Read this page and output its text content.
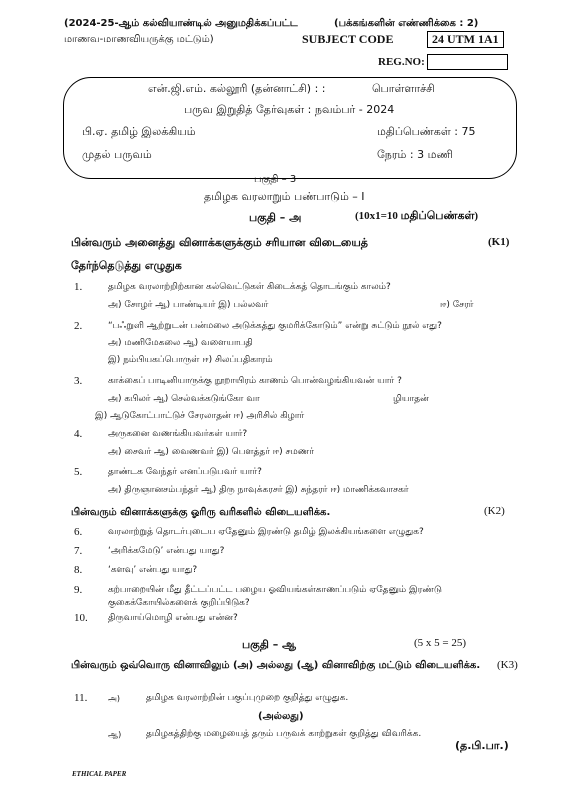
(2024-25-ஆம் கல்வியாண்டில் அனுமதிக்கப்பட்ட	(பக்கங்களின் எண்ணிக்கை : 2)
மாணவ-மாணவியருக்கு மட்டும்)	SUBJECT CODE	24 UTM 1A1
REG.NO:
என்.ஜி.எம். கல்லூரி (தன்னாட்சி) : :	பொள்ளாச்சி
பருவ இறுதித் தேர்வுகள் : நவம்பர் - 2024
பி.ஏ. தமிழ் இலக்கியம்	மதிப்பெண்கள் : 75
முதல் பருவம்	நேரம் : 3 மணி
பகுதி – 3
தமிழக வரலாறும் பண்பாடும் – I
பகுதி – அ	(10x1=10 மதிப்பெண்கள்)
பின்வரும் அனைத்து வினாக்களுக்கும் சரியான விடையைத்	(K1)
தேர்ந்தெடுத்து எழுதுக
1.	தமிழக வரலாற்றிற்கான கல்வெட்டுகள் கிடைக்கத் தொடங்கும் காலம்?
அ) சோழர் ஆ) பாண்டியர் இ) பல்லவர்	ஈ) சேரர்
2.	“பஃறுளி ஆற்றுடன் பன்மலை அடுக்கத்து குமரிக்கோடும்” என்று சுட்டும் நூல் எது?
அ) மணிமேகலை ஆ) வளையாபதி
இ) நம்பியகப்பொருள் ஈ) சிலப்பதிகாரம்
3.	காக்கைப் பாடினியாருக்கு நூறாயிரம் காணம் பொன்வழங்கியவன் யார் ?
அ) கபிலர் ஆ) செல்வக்கடுங்கோ வா	ழியாதன்
இ) ஆடுகோட்பாட்டுச் சேரலாதன் ஈ) அரிசில் கிழார்
4.	அருகனை வணங்கியவர்கள் யார்?
அ) சைவர் ஆ) வைணவர் இ) பௌத்தர் ஈ) சமணர்
5.	தாண்டக வேந்தர் எனப்படுபவர் யார்?
அ) திருஞானசம்பந்தர் ஆ) திரு நாவுக்கரசர் இ) சுந்தரர் ஈ) மாணிக்கவாசகர்
பின்வரும் வினாக்களுக்கு ஓரிரு வரிகளில் விடையளிக்க.	(K2)
6.	வரலாற்றுத் தொடர்புடைய ஏதேனும் இரண்டு தமிழ் இலக்கியங்களை எழுதுக?
7.	‘அரிக்கமேடு’ என்பது யாது?
8.	‘களவு’ என்பது யாது?
9.	கற்பாறையின் மீது தீட்டப்பட்ட பழைய ஓவியங்கள்காணப்படும் ஏதேனும் இரண்டு
குகைக்கோயில்களைக் குறிப்பிடுக?
10. திருவாய்மொழி என்பது என்ன?
பகுதி – ஆ	(5 x 5 = 25)
பின்வரும் ஒவ்வொரு வினாவிலும் (அ) அல்லது (ஆ) வினாவிற்கு மட்டும் விடையளிக்க. (K3)
11.	அ)	தமிழக வரலாற்றின் பகுப்புமுறை குறித்து எழுதுக.
(அல்லது)
ஆ)	தமிழகத்திற்கு மழையைத் தரும் பருவக் காற்றுகள் குறித்து விவரிக்க.
(த.பி.பா.)
ETHICAL PAPER
